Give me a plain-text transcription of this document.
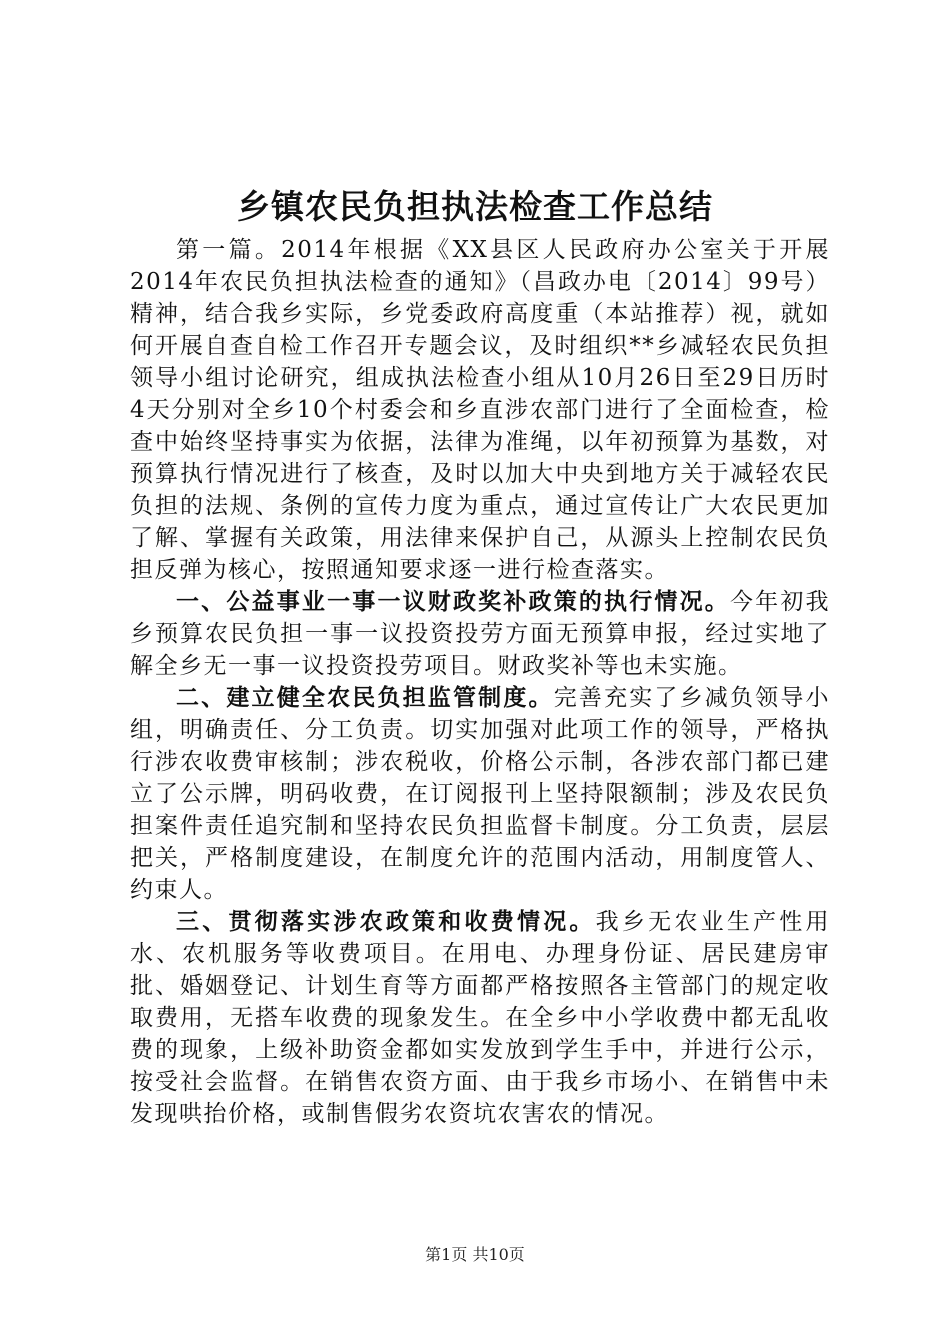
乡镇农民负担执法检查工作总结

第一篇。2014年根据《XX县区人民政府办公室关于开展2014年农民负担执法检查的通知》（昌政办电〔2014〕99号）精神，结合我乡实际，乡党委政府高度重（本站推荐）视，就如何开展自查自检工作召开专题会议，及时组织**乡减轻农民负担领导小组讨论研究，组成执法检查小组从10月26日至29日历时4天分别对全乡10个村委会和乡直涉农部门进行了全面检查，检查中始终坚持事实为依据，法律为准绳，以年初预算为基数，对预算执行情况进行了核查，及时以加大中央到地方关于减轻农民负担的法规、条例的宣传力度为重点，通过宣传让广大农民更加了解、掌握有关政策，用法律来保护自己，从源头上控制农民负担反弹为核心，按照通知要求逐一进行检查落实。

一、公益事业一事一议财政奖补政策的执行情况。今年初我乡预算农民负担一事一议投资投劳方面无预算申报，经过实地了解全乡无一事一议投资投劳项目。财政奖补等也未实施。

二、建立健全农民负担监管制度。完善充实了乡减负领导小组，明确责任、分工负责。切实加强对此项工作的领导，严格执行涉农收费审核制；涉农税收，价格公示制，各涉农部门都已建立了公示牌，明码收费，在订阅报刊上坚持限额制；涉及农民负担案件责任追究制和坚持农民负担监督卡制度。分工负责，层层把关，严格制度建设，在制度允许的范围内活动，用制度管人、约束人。

三、贯彻落实涉农政策和收费情况。我乡无农业生产性用水、农机服务等收费项目。在用电、办理身份证、居民建房审批、婚姻登记、计划生育等方面都严格按照各主管部门的规定收取费用，无搭车收费的现象发生。在全乡中小学收费中都无乱收费的现象，上级补助资金都如实发放到学生手中，并进行公示，按受社会监督。在销售农资方面、由于我乡市场小、在销售中未发现哄抬价格，或制售假劣农资坑农害农的情况。

第1页 共10页
